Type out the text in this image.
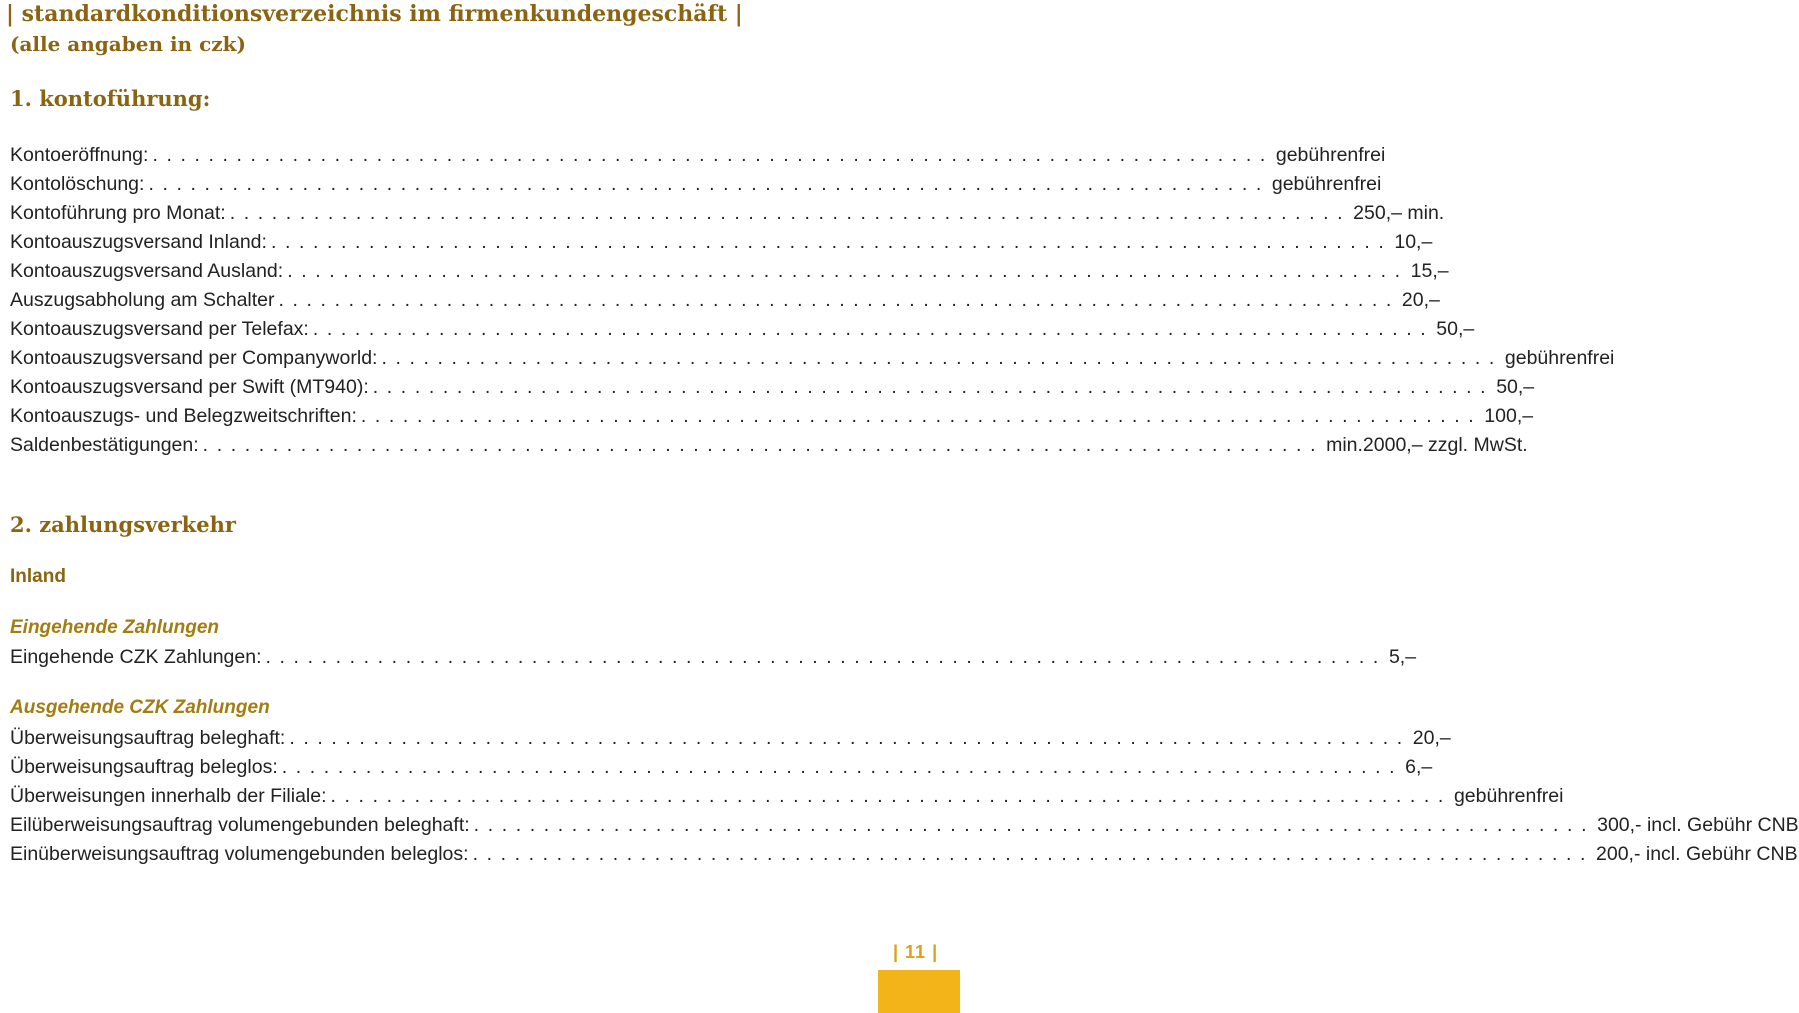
| standardkonditionsverzeichnis im firmenkundengeschäft |
(alle angaben in czk)
1. kontoführung:
Kontoeröffnung: ................................................................................ gebührenfrei
Kontolöschung: ................................................................................ gebührenfrei
Kontoführung pro Monat: ................................................................................ 250,– min.
Kontoauszugsversand Inland: ................................................................................ 10,–
Kontoauszugsversand Ausland: ................................................................................ 15,–
Auszugsabholung am Schalter ................................................................................ 20,–
Kontoauszugsversand per Telefax: ................................................................................ 50,–
Kontoauszugsversand per Companyworld: ................................................................................ gebührenfrei
Kontoauszugsversand per Swift (MT940): ................................................................................ 50,–
Kontoauszugs- und Belegzweitschriften: ................................................................................ 100,–
Saldenbestätigungen: ................................................................................ min.2000,– zzgl. MwSt.
2. zahlungsverkehr
Inland
Eingehende Zahlungen
Eingehende CZK Zahlungen: ................................................................................ 5,–
Ausgehende CZK Zahlungen
Überweisungsauftrag beleghaft: ................................................................................ 20,–
Überweisungsauftrag beleglos: ................................................................................ 6,–
Überweisungen innerhalb der Filiale: ................................................................................ gebührenfrei
Eilüberweisungsauftrag volumengebunden beleghaft: ................................................................................ 300,- incl. Gebühr CNB
Einüberweisungsauftrag volumengebunden beleglos: ................................................................................ 200,- incl. Gebühr CNB
| 11 |
